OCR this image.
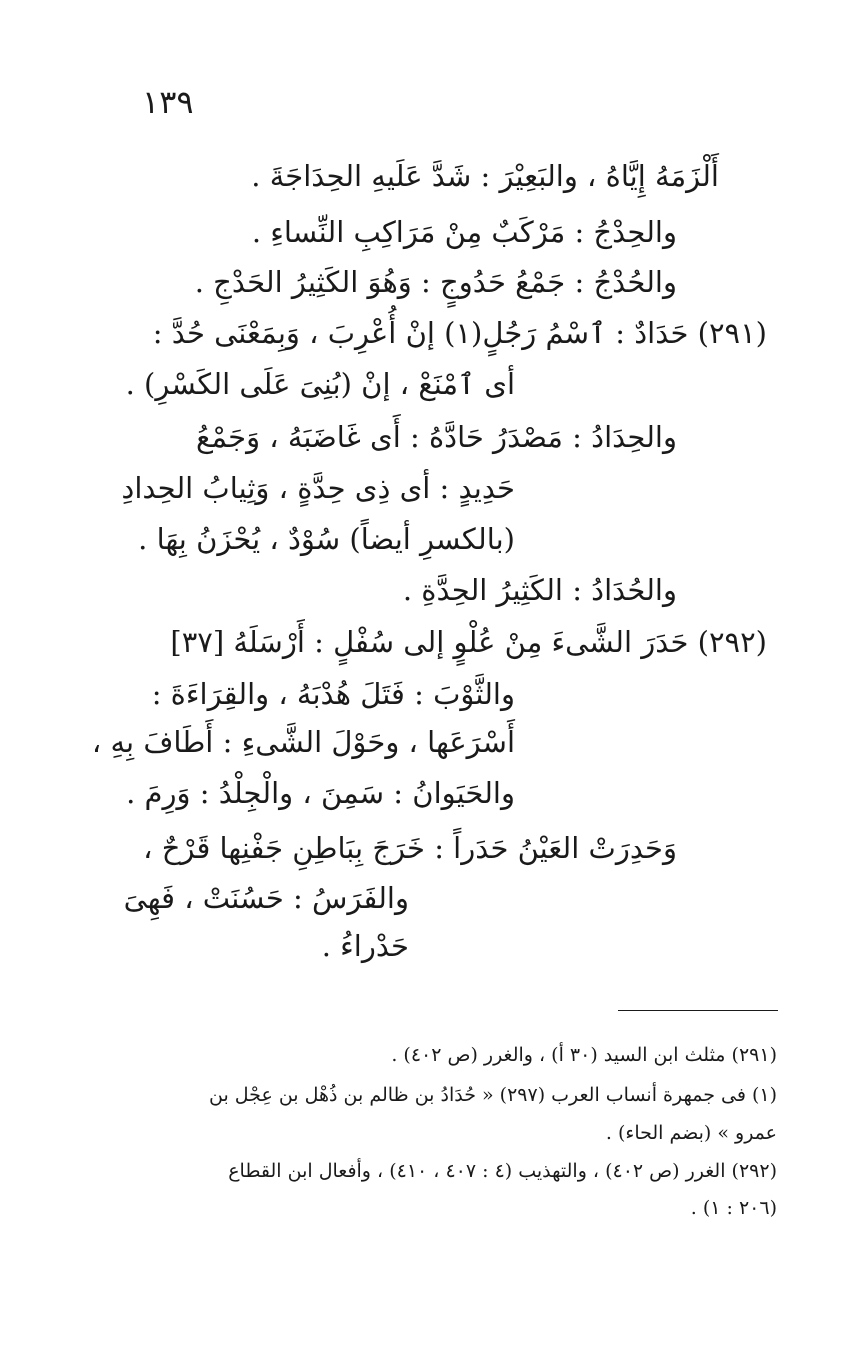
١٣٩
أَلْزَمَهُ إِيَّاهُ ، والبَعِيْرَ : شَدَّ عَلَيهِ الحِدَاجَةَ .
والحِدْجُ : مَرْكَبٌ مِنْ مَرَاكِبِ النِّساءِ .
والحُدْجُ : جَمْعُ حَدُوجٍ : وَهُوَ الكَثِيرُ الحَدْجِ .
(٢٩١) حَدَادٌ : ٱسْمُ رَجُلٍ(١) إنْ أُعْرِبَ ، وَبِمَعْنَى حُدَّ :
أى ٱمْنَعْ ، إنْ (بُنِىَ عَلَى الكَسْرِ) .
والحِدَادُ : مَصْدَرُ حَادَّهُ : أَى غَاضَبَهُ ، وَجَمْعُ
حَدِيدٍ : أى ذِى حِدَّةٍ ، وَثِيابُ الحِدادِ
(بالكسرِ أيضاً) سُوْدٌ ، يُحْزَنُ بِهَا .
والحُدَادُ : الكَثِيرُ الحِدَّةِ .
(٢٩٢) حَدَرَ الشَّىءَ مِنْ عُلْوٍ إلى سُفْلٍ : أَرْسَلَهُ [٣٧]
والثَّوْبَ : فَتَلَ هُدْبَهُ ، والقِرَاءَةَ :
أَسْرَعَها ، وحَوْلَ الشَّىءِ : أَطَافَ بِهِ ،
والحَيَوانُ : سَمِنَ ، والْجِلْدُ : وَرِمَ .
وَحَدِرَتْ العَيْنُ حَدَراً : خَرَجَ بِبَاطِنِ جَفْنِها قَرْحٌ ،
والفَرَسُ : حَسُنَتْ ، فَهِىَ
حَدْراءُ .
(٢٩١) مثلث ابن السيد (٣٠ أ) ، والغرر (ص ٤٠٢) .
(١) فى جمهرة أنساب العرب (٢٩٧) « حُدَادُ بن ظالم بن ذُهْل بن عِجْل بن
عمرو » (بضم الحاء) .
(٢٩٢) الغرر (ص ٤٠٢) ، والتهذيب (٤ : ٤٠٧ ، ٤١٠) ، وأفعال ابن القطاع
. (٢٠٦ : ١)
